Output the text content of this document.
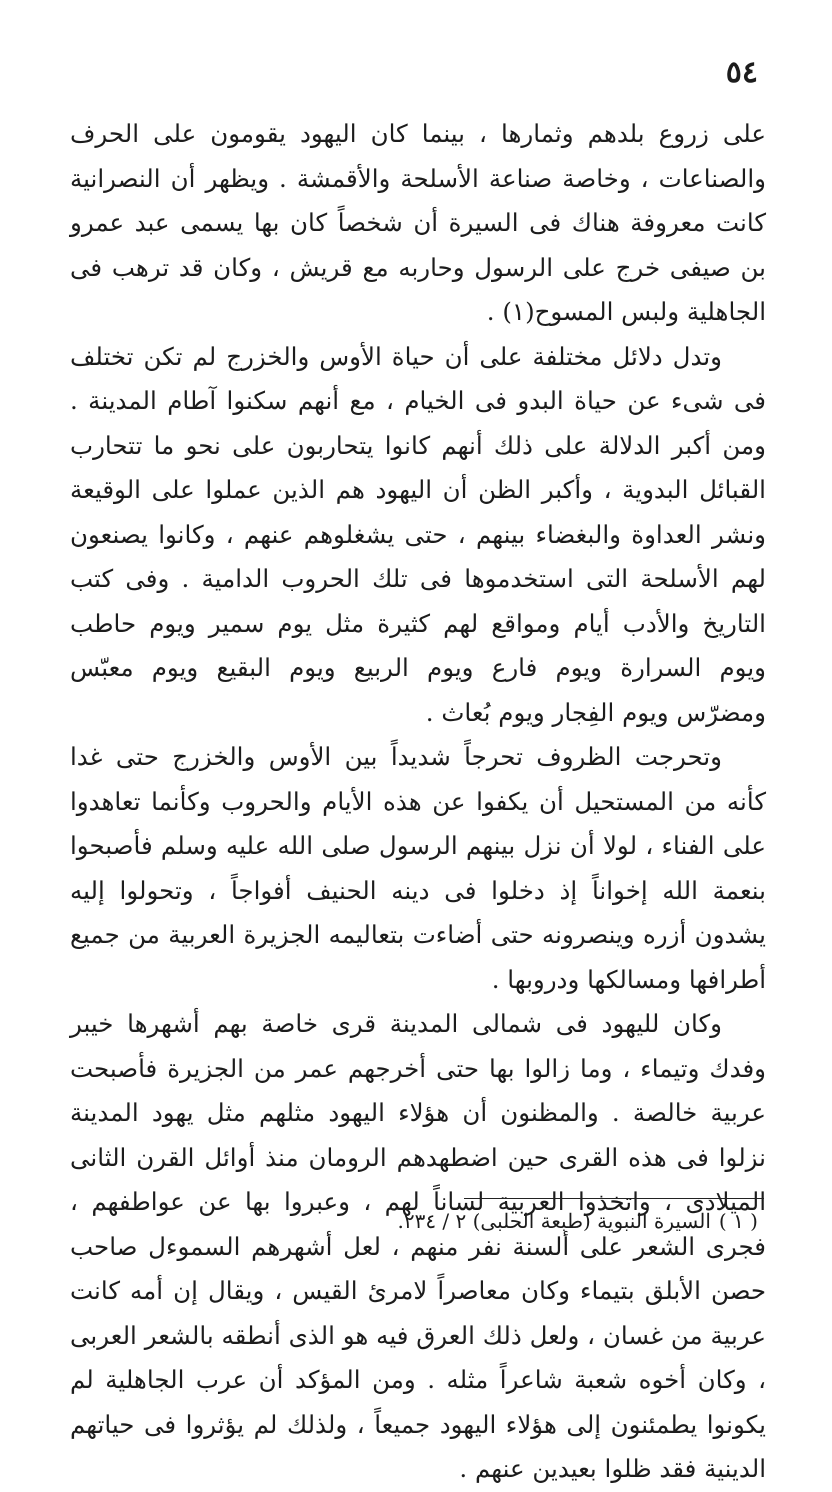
٥٤

على زروع بلدهم وثمارها ، بينما كان اليهود يقومون على الحرف والصناعات ، وخاصة صناعة الأسلحة والأقمشة . ويظهر أن النصرانية كانت معروفة هناك فى السيرة أن شخصاً كان بها يسمى عبد عمرو بن صيفى خرج على الرسول وحاربه مع قريش ، وكان قد ترهب فى الجاهلية ولبس المسوح(١) .

وتدل دلائل مختلفة على أن حياة الأوس والخزرج لم تكن تختلف فى شىء عن حياة البدو فى الخيام ، مع أنهم سكنوا آطام المدينة . ومن أكبر الدلالة على ذلك أنهم كانوا يتحاربون على نحو ما تتحارب القبائل البدوية ، وأكبر الظن أن اليهود هم الذين عملوا على الوقيعة ونشر العداوة والبغضاء بينهم ، حتى يشغلوهم عنهم ، وكانوا يصنعون لهم الأسلحة التى استخدموها فى تلك الحروب الدامية . وفى كتب التاريخ والأدب أيام ومواقع لهم كثيرة مثل يوم سمير ويوم حاطب ويوم السرارة ويوم فارع ويوم الربيع ويوم البقيع ويوم معبّس ومضرّس ويوم الفِجار ويوم بُعاث .

وتحرجت الظروف تحرجاً شديداً بين الأوس والخزرج حتى غدا كأنه من المستحيل أن يكفوا عن هذه الأيام والحروب وكأنما تعاهدوا على الفناء ، لولا أن نزل بينهم الرسول صلى الله عليه وسلم فأصبحوا بنعمة الله إخواناً إذ دخلوا فى دينه الحنيف أفواجاً ، وتحولوا إليه يشدون أزره وينصرونه حتى أضاءت بتعاليمه الجزيرة العربية من جميع أطرافها ومسالكها ودروبها .

وكان لليهود فى شمالى المدينة قرى خاصة بهم أشهرها خيبر وفدك وتيماء ، وما زالوا بها حتى أخرجهم عمر من الجزيرة فأصبحت عربية خالصة . والمظنون أن هؤلاء اليهود مثلهم مثل يهود المدينة نزلوا فى هذه القرى حين اضطهدهم الرومان منذ أوائل القرن الثانى الميلادى ، واتخذوا العربية لساناً لهم ، وعبروا بها عن عواطفهم ، فجرى الشعر على ألسنة نفر منهم ، لعل أشهرهم السموءل صاحب حصن الأبلق بتيماء وكان معاصراً لامرئ القيس ، ويقال إن أمه كانت عربية من غسان ، ولعل ذلك العرق فيه هو الذى أنطقه بالشعر العربى ، وكان أخوه شعبة شاعراً مثله . ومن المؤكد أن عرب الجاهلية لم يكونوا يطمئنون إلى هؤلاء اليهود جميعاً ، ولذلك لم يؤثروا فى حياتهم الدينية فقد ظلوا بعيدين عنهم .

( ١ )السيرة النبوية (طبعة الحلبى) ٢ / ٢٣٤.
